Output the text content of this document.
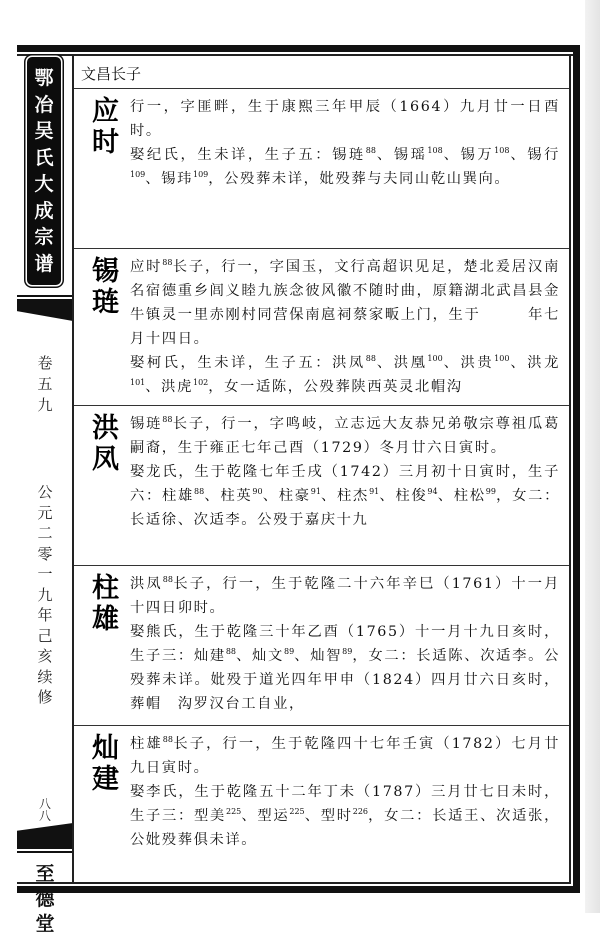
鄂
冶
吴
氏
大
成
宗
谱
卷
五
九
公
元
二
零
一
九
年
己
亥
续
修
八
八
至
德
堂
文昌长子
应
时

行一，字匪畔，生于康熙三年甲辰（1664）九月廿一日酉时。

娶纪氏，生未详，生子五：锡琏$^{88}$、锡瑶$^{108}$、锡万$^{108}$、锡行$^{109}$、锡玮$^{109}$，公殁葬未详，妣殁葬与夫同山乾山巽向。

锡
琏

应时$^{88}$长子，行一，字国玉，文行高超识见足，楚北爰居汉南名宿德重乡闾义睦九族念彼风徽不随时曲，原籍湖北武昌县金牛镇灵一里赤刚村同营保南扈祠蔡家畈上门，生于　　　年七月十四日。

娶柯氏，生未详，生子五：洪凤$^{88}$、洪凰$^{100}$、洪贵$^{100}$、洪龙$^{101}$、洪虎$^{102}$，女一适陈，公殁葬陕西英灵北帽沟

洪
凤

锡琏$^{88}$长子，行一，字鸣岐，立志远大友恭兄弟敬宗尊祖瓜葛嗣裔，生于雍正七年己酉（1729）冬月廿六日寅时。

娶龙氏，生于乾隆七年壬戌（1742）三月初十日寅时，生子六：柱雄$^{88}$、柱英$^{90}$、柱豪$^{91}$、柱杰$^{91}$、柱俊$^{94}$、柱松$^{99}$，女二：长适徐、次适李。公殁于嘉庆十九

柱
雄

洪凤$^{88}$长子，行一，生于乾隆二十六年辛巳（1761）十一月十四日卯时。

娶熊氏，生于乾隆三十年乙酉（1765）十一月十九日亥时，生子三：灿建$^{88}$、灿文$^{89}$、灿智$^{89}$，女二：长适陈、次适李。公殁葬未详。妣殁于道光四年甲申（1824）四月廿六日亥时，葬帽　沟罗汉台工自业，

灿
建

柱雄$^{88}$长子，行一，生于乾隆四十七年壬寅（1782）七月廿九日寅时。

娶李氏，生于乾隆五十二年丁未（1787）三月廿七日未时，生子三：型美$^{225}$、型运$^{225}$、型时$^{226}$，女二：长适王、次适张，公妣殁葬俱未详。
